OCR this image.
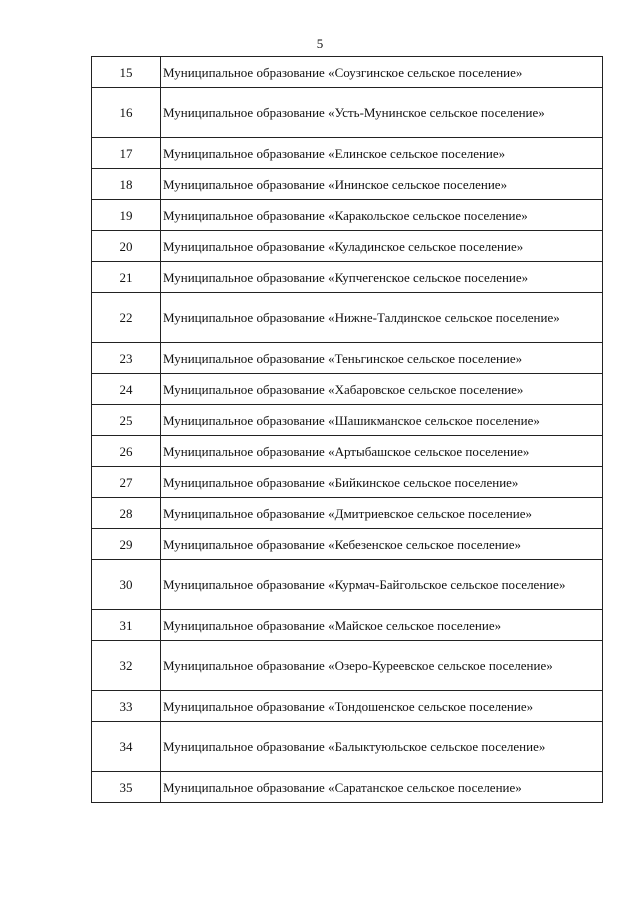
5
15	Муниципальное образование «Соузгинское сельское поселение»
16	Муниципальное образование «Усть-Мунинское сельское поселение»
17	Муниципальное образование «Елинское сельское поселение»
18	Муниципальное образование «Ининское сельское поселение»
19	Муниципальное образование «Каракольское сельское поселение»
20	Муниципальное образование «Куладинское сельское поселение»
21	Муниципальное образование «Купчегенское сельское поселение»
22	Муниципальное образование «Нижне-Талдинское сельское поселение»
23	Муниципальное образование «Теньгинское сельское поселение»
24	Муниципальное образование «Хабаровское сельское поселение»
25	Муниципальное образование «Шашикманское сельское поселение»
26	Муниципальное образование «Артыбашское сельское поселение»
27	Муниципальное образование «Бийкинское сельское поселение»
28	Муниципальное образование «Дмитриевское сельское поселение»
29	Муниципальное образование «Кебезенское сельское поселение»
30	Муниципальное образование «Курмач-Байгольское сельское поселение»
31	Муниципальное образование «Майское сельское поселение»
32	Муниципальное образование «Озеро-Куреевское сельское поселение»
33	Муниципальное образование «Тондошенское сельское поселение»
34	Муниципальное образование «Балыктуюльское сельское поселение»
35	Муниципальное образование «Саратанское сельское поселение»
